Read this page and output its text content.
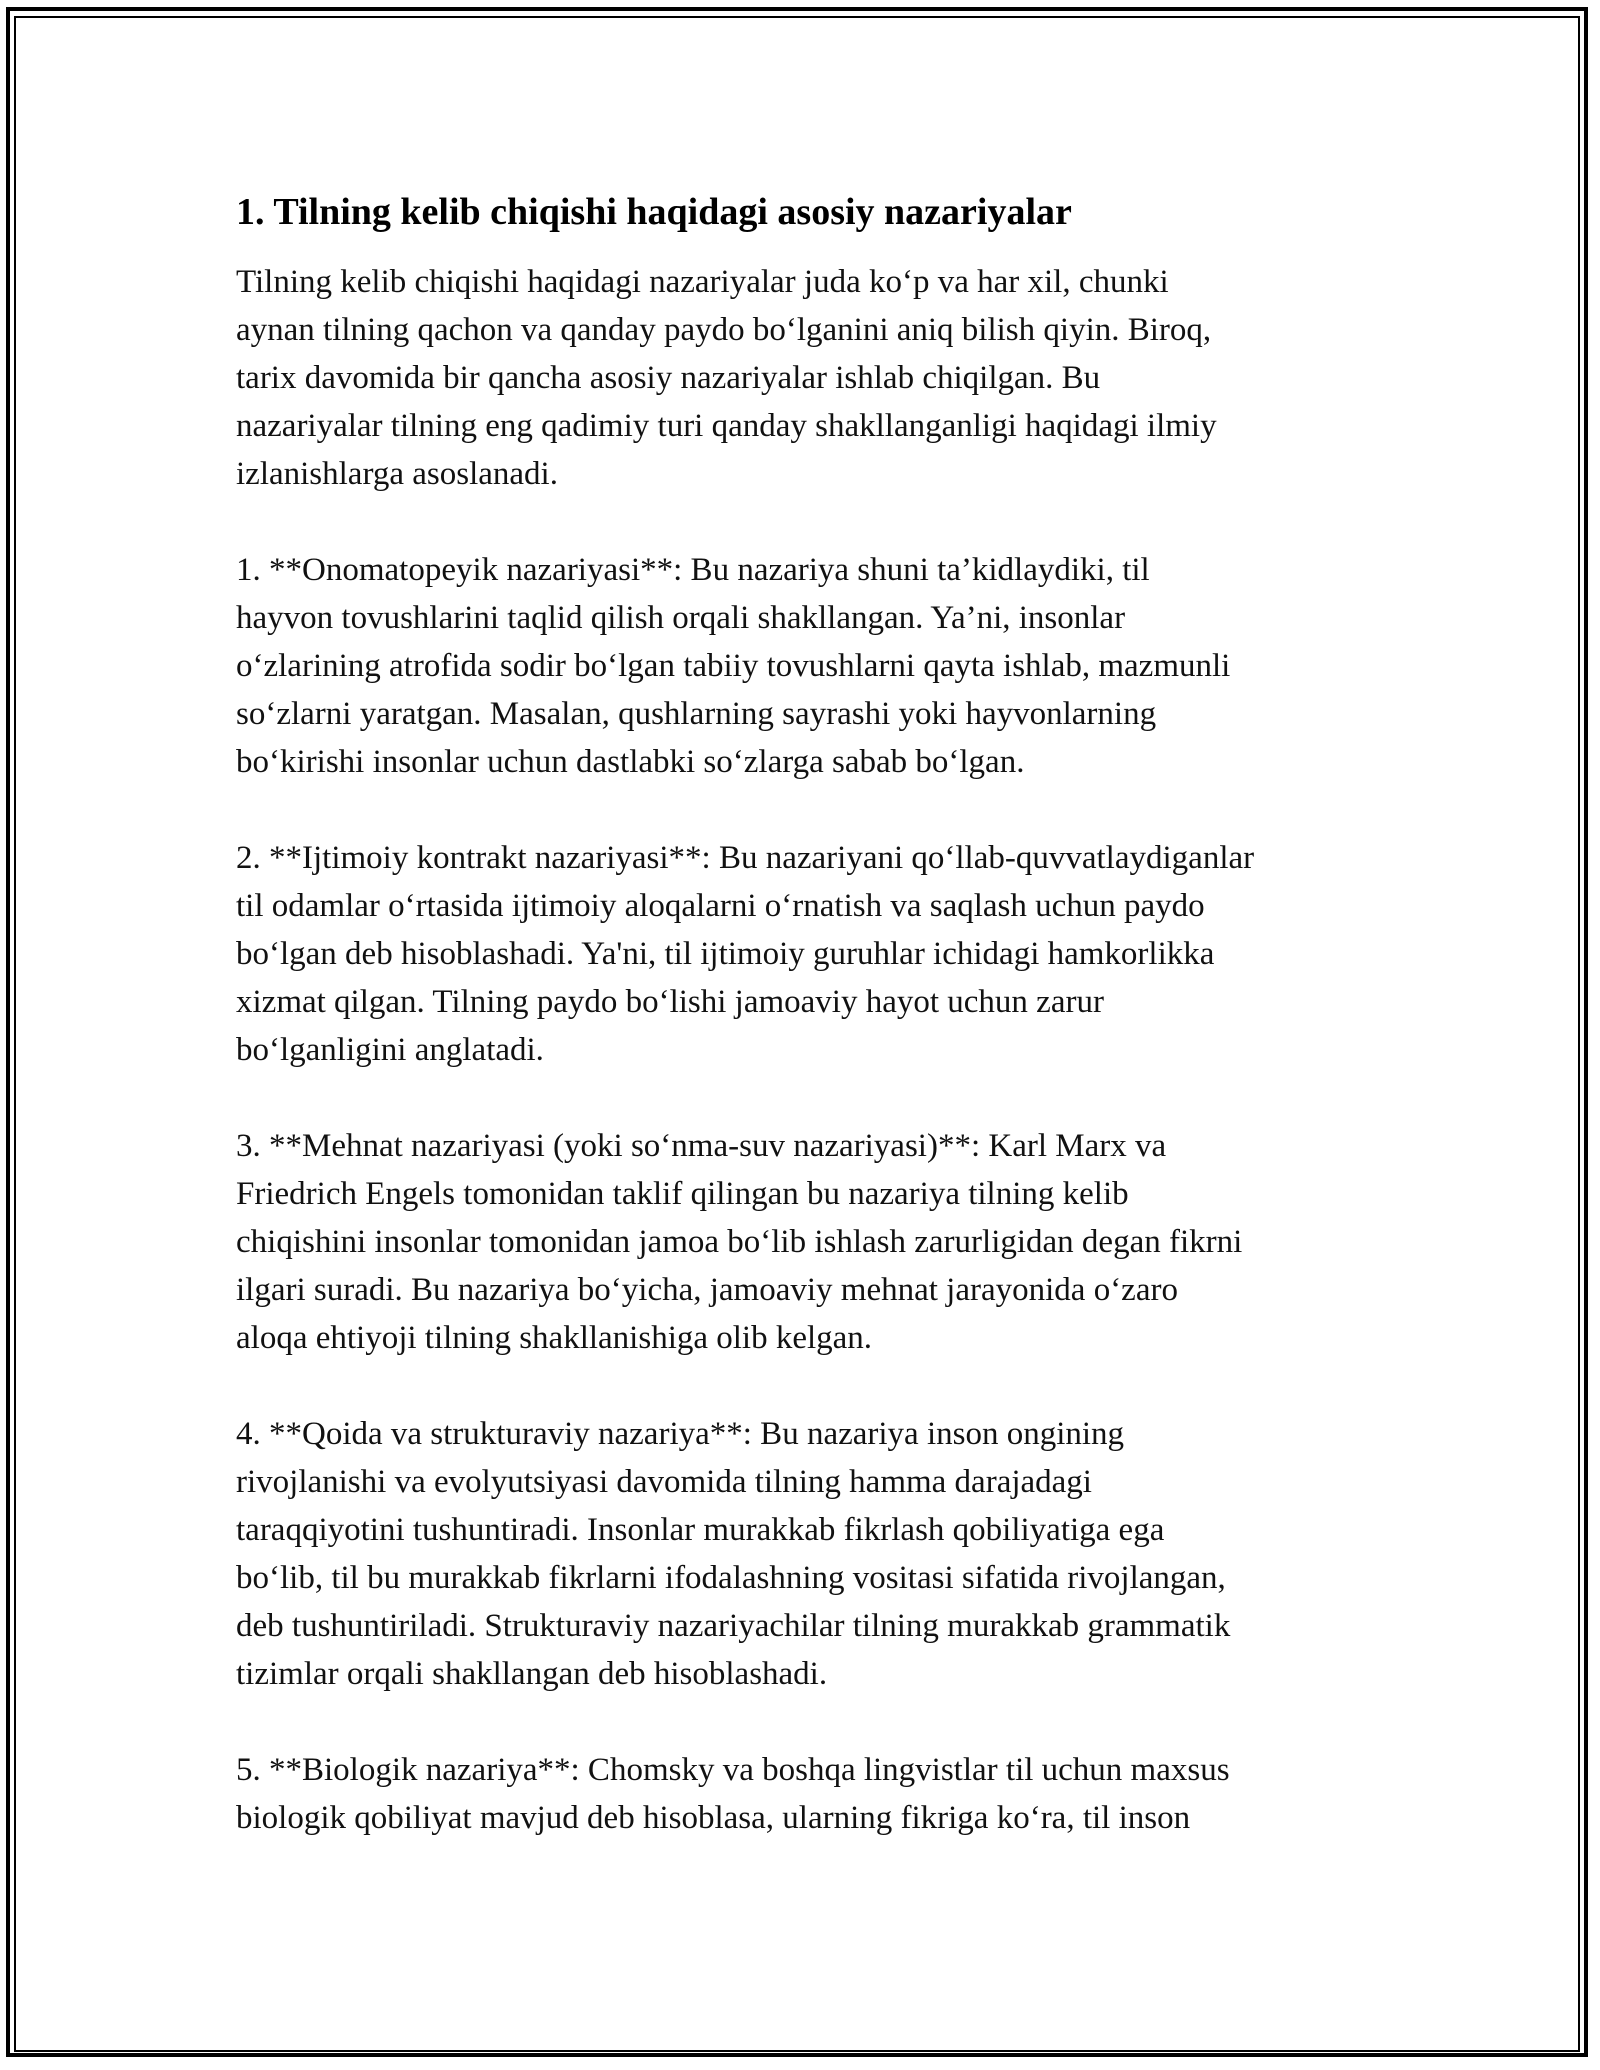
1. Tilning kelib chiqishi haqidagi asosiy nazariyalar

Tilning kelib chiqishi haqidagi nazariyalar juda ko‘p va har xil, chunki
aynan tilning qachon va qanday paydo bo‘lganini aniq bilish qiyin. Biroq,
tarix davomida bir qancha asosiy nazariyalar ishlab chiqilgan. Bu
nazariyalar tilning eng qadimiy turi qanday shakllanganligi haqidagi ilmiy
izlanishlarga asoslanadi.

1. **Onomatopeyik nazariyasi**: Bu nazariya shuni ta’kidlaydiki, til
hayvon tovushlarini taqlid qilish orqali shakllangan. Ya’ni, insonlar
o‘zlarining atrofida sodir bo‘lgan tabiiy tovushlarni qayta ishlab, mazmunli
so‘zlarni yaratgan. Masalan, qushlarning sayrashi yoki hayvonlarning
bo‘kirishi insonlar uchun dastlabki so‘zlarga sabab bo‘lgan.

2. **Ijtimoiy kontrakt nazariyasi**: Bu nazariyani qo‘llab-quvvatlaydiganlar
til odamlar o‘rtasida ijtimoiy aloqalarni o‘rnatish va saqlash uchun paydo
bo‘lgan deb hisoblashadi. Ya'ni, til ijtimoiy guruhlar ichidagi hamkorlikka
xizmat qilgan. Tilning paydo bo‘lishi jamoaviy hayot uchun zarur
bo‘lganligini anglatadi.

3. **Mehnat nazariyasi (yoki so‘nma-suv nazariyasi)**: Karl Marx va
Friedrich Engels tomonidan taklif qilingan bu nazariya tilning kelib
chiqishini insonlar tomonidan jamoa bo‘lib ishlash zarurligidan degan fikrni
ilgari suradi. Bu nazariya bo‘yicha, jamoaviy mehnat jarayonida o‘zaro
aloqa ehtiyoji tilning shakllanishiga olib kelgan.

4. **Qoida va strukturaviy nazariya**: Bu nazariya inson ongining
rivojlanishi va evolyutsiyasi davomida tilning hamma darajadagi
taraqqiyotini tushuntiradi. Insonlar murakkab fikrlash qobiliyatiga ega
bo‘lib, til bu murakkab fikrlarni ifodalashning vositasi sifatida rivojlangan,
deb tushuntiriladi. Strukturaviy nazariyachilar tilning murakkab grammatik
tizimlar orqali shakllangan deb hisoblashadi.

5. **Biologik nazariya**: Chomsky va boshqa lingvistlar til uchun maxsus
biologik qobiliyat mavjud deb hisoblasa, ularning fikriga ko‘ra, til inson
